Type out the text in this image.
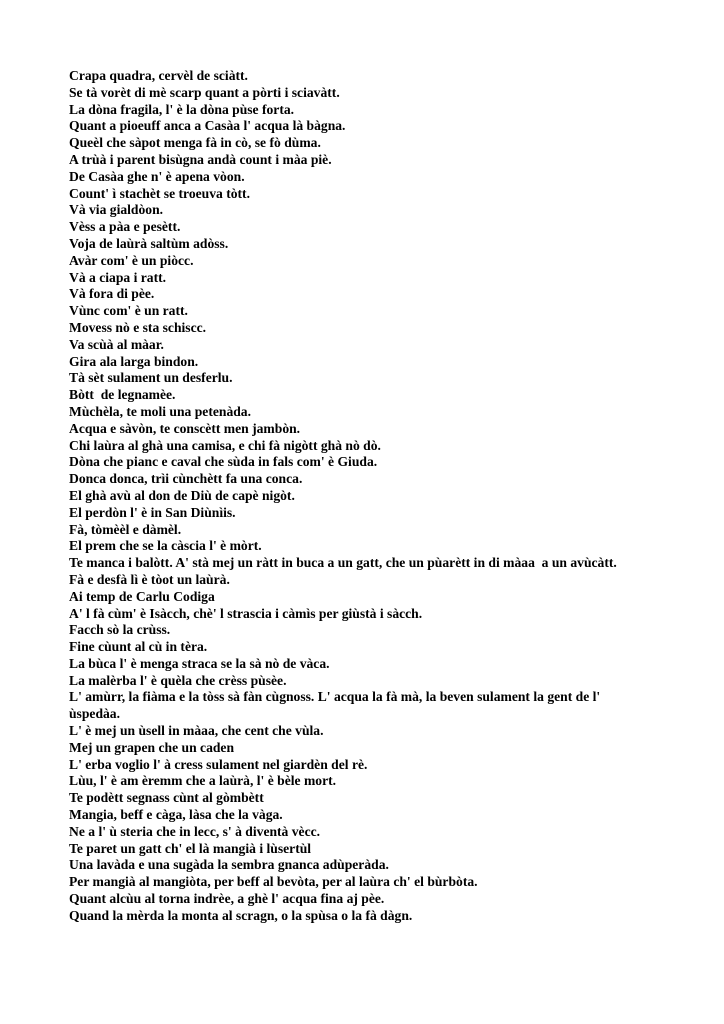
Crapa quadra, cervèl de sciàtt.

Se tà vorèt di mè scarp quant a pòrti i sciavàtt.

La dòna fragila, l' è la dòna pùse forta.

Quant a pioeuff anca a Casàa l' acqua là bàgna.

Queèl che sàpot menga fà in cò, se fò dùma.

A trùà i parent bisùgna andà count i màa piè.

De Casàa ghe n' è apena vòon.

Count' ì stachèt se troeuva tòtt.

Và via gialdòon.

Vèss a pàa e pesètt.

Voja de laùrà saltùm adòss.

Avàr com' è un piòcc.

Và a ciapa i ratt.

Và fora di pèe.

Vùnc com' è un ratt.

Movess nò e sta schiscc.

Va scùà al màar.

Gira ala larga bindon.

Tà sèt sulament un desferlu.

Bòtt  de legnamèe.

Mùchèla, te moli una petenàda.

Acqua e sàvòn, te conscètt men jambòn.

Chi laùra al ghà una camisa, e chi fà nigòtt ghà nò dò.

Dòna che pianc e caval che sùda in fals com' è Giuda.

Donca donca, trìi cùnchètt fa una conca.

El ghà avù al don de Diù de capè nigòt.

El perdòn l' è in San Diùnìis.

Fà, tòmèèl e dàmèl.

El prem che se la càscia l' è mòrt.

Te manca i balòtt. A' stà mej un ràtt in buca a un gatt, che un pùarètt in di màaa  a un avùcàtt.

Fà e desfà lì è tòot un laùrà.

Ai temp de Carlu Codiga

A' l fà cùm' è Isàcch, chè' l strascia i càmìs per giùstà i sàcch.

Facch sò la crùss.

Fine cùunt al cù in tèra.

La bùca l' è menga straca se la sà nò de vàca.

La malèrba l' è quèla che crèss pùsèe.

L' amùrr, la fiàma e la tòss sà fàn cùgnoss. L' acqua la fà mà, la beven sulament la gent de l' ùspedàa.

L' è mej un ùsell in màaa, che cent che vùla.

Mej un grapen che un caden

L' erba voglio l' à cress sulament nel giardèn del rè.

Lùu, l' è am èremm che a laùrà, l' è bèle mort.

Te podètt segnass cùnt al gòmbètt

Mangia, beff e càga, làsa che la vàga.

Ne a l' ù steria che in lecc, s' à diventà vècc.

Te paret un gatt ch' el là mangià i lùsertùl

Una lavàda e una sugàda la sembra gnanca adùperàda.

Per mangià al mangiòta, per beff al bevòta, per al laùra ch' el bùrbòta.

Quant alcùu al torna indrèe, a ghè l' acqua fina aj pèe.

Quand la mèrda la monta al scragn, o la spùsa o la fà dàgn.
